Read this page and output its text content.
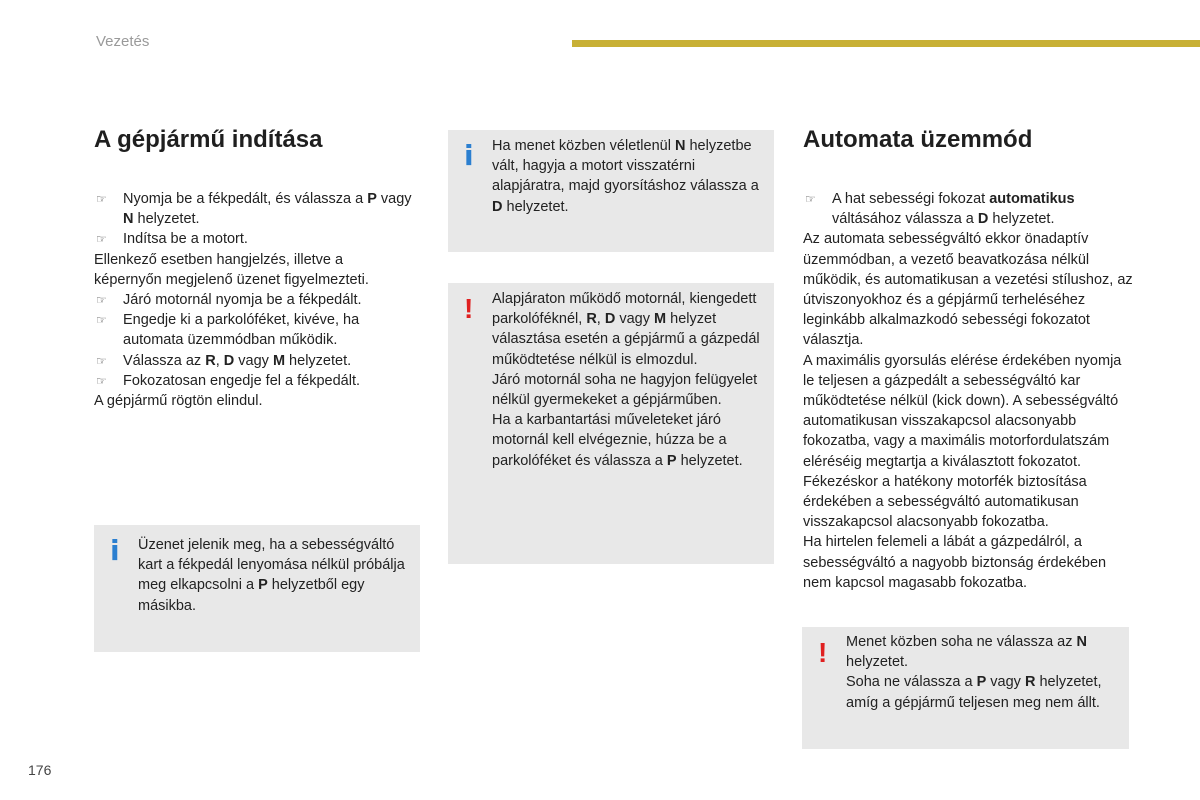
Vezetés
A gépjármű indítása

☞ Nyomja be a fékpedált, és válassza a P vagy N helyzetet.

☞ Indítsa be a motort.

Ellenkező esetben hangjelzés, illetve a képernyőn megjelenő üzenet figyelmezteti.

☞ Járó motornál nyomja be a fékpedált.

☞ Engedje ki a parkolóféket, kivéve, ha automata üzemmódban működik.

☞ Válassza az R, D vagy M helyzetet.

☞ Fokozatosan engedje fel a fékpedált.

A gépjármű rögtön elindul.

i Üzenet jelenik meg, ha a sebességváltó kart a fékpedál lenyomása nélkül próbálja meg elkapcsolni a P helyzetből egy másikba.
i Ha menet közben véletlenül N helyzetbe vált, hagyja a motort visszatérni alapjáratra, majd gyorsításhoz válassza a D helyzetet.
! Alapjáraton működő motornál, kiengedett parkolóféknél, R, D vagy M helyzet választása esetén a gépjármű a gázpedál működtetése nélkül is elmozdul.

Járó motornál soha ne hagyjon felügyelet nélkül gyermekeket a gépjárműben.

Ha a karbantartási műveleteket járó motornál kell elvégeznie, húzza be a parkolóféket és válassza a P helyzetet.

Automata üzemmód

☞ A hat sebességi fokozat automatikus váltásához válassza a D helyzetet.

Az automata sebességváltó ekkor önadaptív üzemmódban, a vezető beavatkozása nélkül működik, és automatikusan a vezetési stílushoz, az útviszonyokhoz és a gépjármű terheléséhez leginkább alkalmazkodó sebességi fokozatot választja.

A maximális gyorsulás elérése érdekében nyomja le teljesen a gázpedált a sebességváltó kar működtetése nélkül (kick down). A sebességváltó automatikusan visszakapcsol alacsonyabb fokozatba, vagy a maximális motorfordulatszám eléréséig megtartja a kiválasztott fokozatot.

Fékezéskor a hatékony motorfék biztosítása érdekében a sebességváltó automatikusan visszakapcsol alacsonyabb fokozatba.

Ha hirtelen felemeli a lábát a gázpedálról, a sebességváltó a nagyobb biztonság érdekében nem kapcsol magasabb fokozatba.

! Menet közben soha ne válassza az N helyzetet.

Soha ne válassza a P vagy R helyzetet, amíg a gépjármű teljesen meg nem állt.

176
